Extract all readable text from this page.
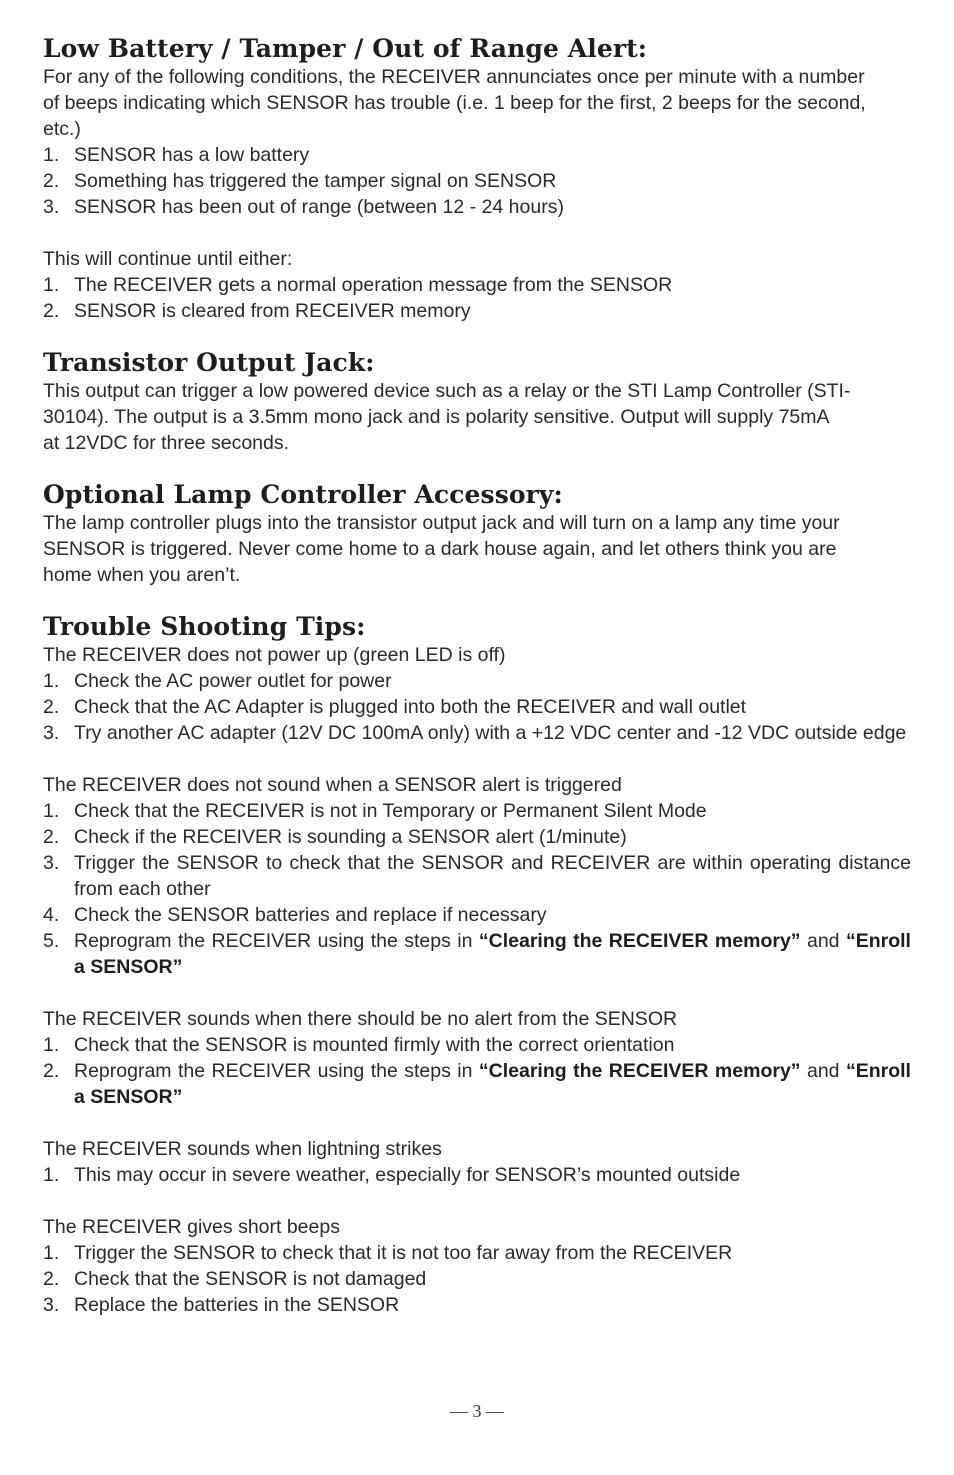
Low Battery / Tamper / Out of Range Alert:
For any of the following conditions, the RECEIVER annunciates once per minute with a number
of beeps indicating which SENSOR has trouble (i.e. 1 beep for the first, 2 beeps for the second,
etc.)
1. SENSOR has a low battery
2. Something has triggered the tamper signal on SENSOR
3. SENSOR has been out of range (between 12 - 24 hours)

This will continue until either:

1. The RECEIVER gets a normal operation message from the SENSOR
2. SENSOR is cleared from RECEIVER memory
Transistor Output Jack:
This output can trigger a low powered device such as a relay or the STI Lamp Controller (STI-
30104). The output is a 3.5mm mono jack and is polarity sensitive. Output will supply 75mA
at 12VDC for three seconds.
Optional Lamp Controller Accessory:
The lamp controller plugs into the transistor output jack and will turn on a lamp any time your
SENSOR is triggered. Never come home to a dark house again, and let others think you are
home when you aren’t.
Trouble Shooting Tips:

The RECEIVER does not power up (green LED is off)

1. Check the AC power outlet for power
2. Check that the AC Adapter is plugged into both the RECEIVER and wall outlet
3. Try another AC adapter (12V DC 100mA only) with a +12 VDC center and -12 VDC outside edge

The RECEIVER does not sound when a SENSOR alert is triggered

1. Check that the RECEIVER is not in Temporary or Permanent Silent Mode
2. Check if the RECEIVER is sounding a SENSOR alert (1/minute)
3. Trigger the SENSOR to check that the SENSOR and RECEIVER are within operating distance from each other
4. Check the SENSOR batteries and replace if necessary
5. Reprogram the RECEIVER using the steps in “Clearing the RECEIVER memory” and “Enroll a SENSOR”

The RECEIVER sounds when there should be no alert from the SENSOR

1. Check that the SENSOR is mounted firmly with the correct orientation
2. Reprogram the RECEIVER using the steps in “Clearing the RECEIVER memory” and “Enroll a SENSOR”

The RECEIVER sounds when lightning strikes

1. This may occur in severe weather, especially for SENSOR’s mounted outside

The RECEIVER gives short beeps

1. Trigger the SENSOR to check that it is not too far away from the RECEIVER
2. Check that the SENSOR is not damaged
3. Replace the batteries in the SENSOR
— 3 —
